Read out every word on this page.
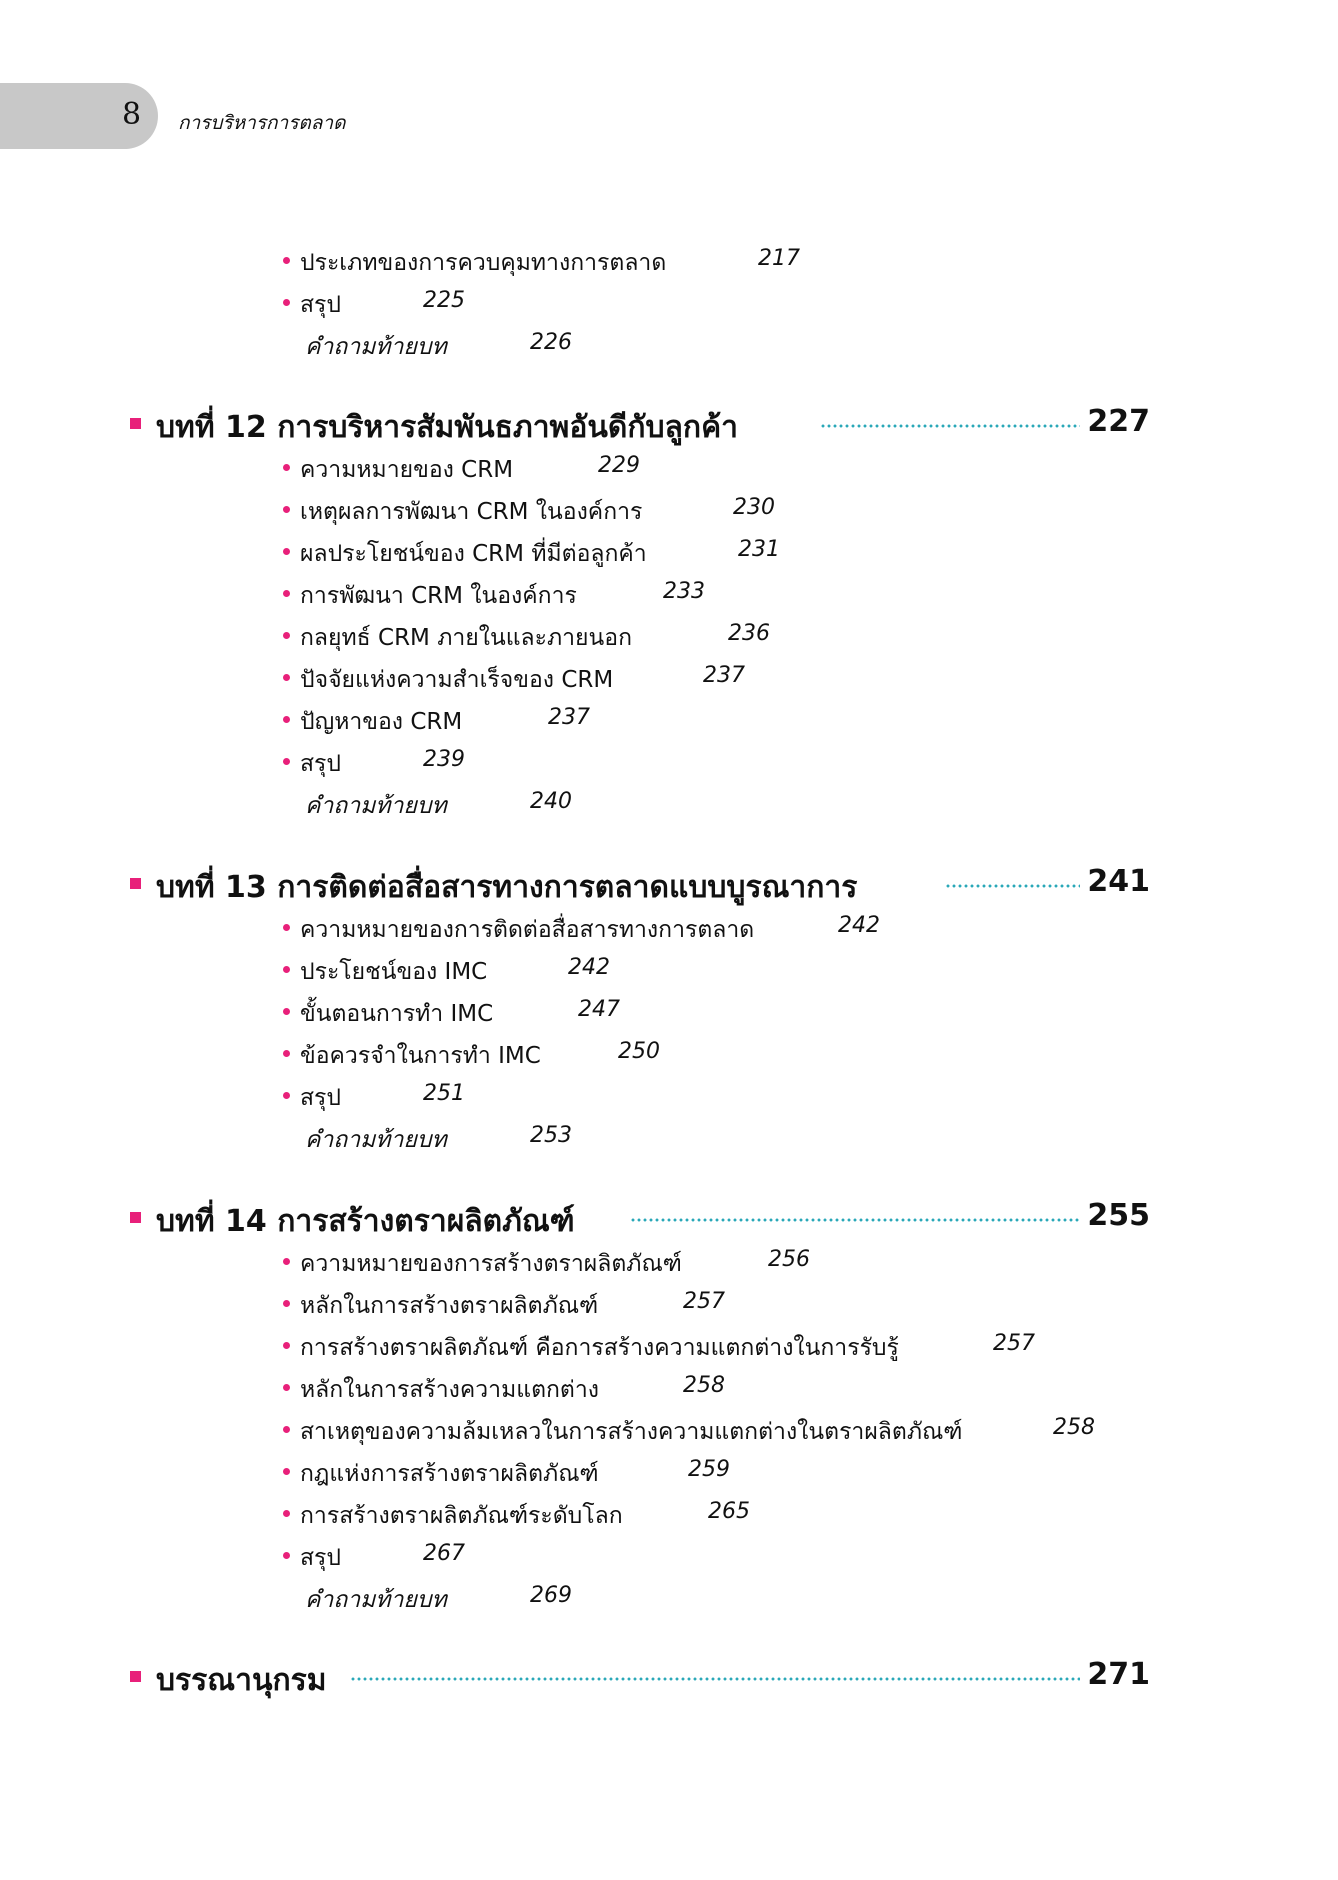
8 การบริหารการตลาด
ประเภทของการควบคุมทางการตลาด	217
สรุป	225
คำถามท้ายบท	226
บทที่ 12 การบริหารสัมพันธภาพอันดีกับลูกค้า	227
ความหมายของ CRM	229
เหตุผลการพัฒนา CRM ในองค์การ	230
ผลประโยชน์ของ CRM ที่มีต่อลูกค้า	231
การพัฒนา CRM ในองค์การ	233
กลยุทธ์ CRM ภายในและภายนอก	236
ปัจจัยแห่งความสำเร็จของ CRM	237
ปัญหาของ CRM	237
สรุป	239
คำถามท้ายบท	240
บทที่ 13 การติดต่อสื่อสารทางการตลาดแบบบูรณาการ	241
ความหมายของการติดต่อสื่อสารทางการตลาด	242
ประโยชน์ของ IMC	242
ขั้นตอนการทำ IMC	247
ข้อควรจำในการทำ IMC	250
สรุป	251
คำถามท้ายบท	253
บทที่ 14 การสร้างตราผลิตภัณฑ์	255
ความหมายของการสร้างตราผลิตภัณฑ์	256
หลักในการสร้างตราผลิตภัณฑ์	257
การสร้างตราผลิตภัณฑ์ คือการสร้างความแตกต่างในการรับรู้	257
หลักในการสร้างความแตกต่าง	258
สาเหตุของความล้มเหลวในการสร้างความแตกต่างในตราผลิตภัณฑ์	258
กฎแห่งการสร้างตราผลิตภัณฑ์	259
การสร้างตราผลิตภัณฑ์ระดับโลก	265
สรุป	267
คำถามท้ายบท	269
บรรณานุกรม	271
